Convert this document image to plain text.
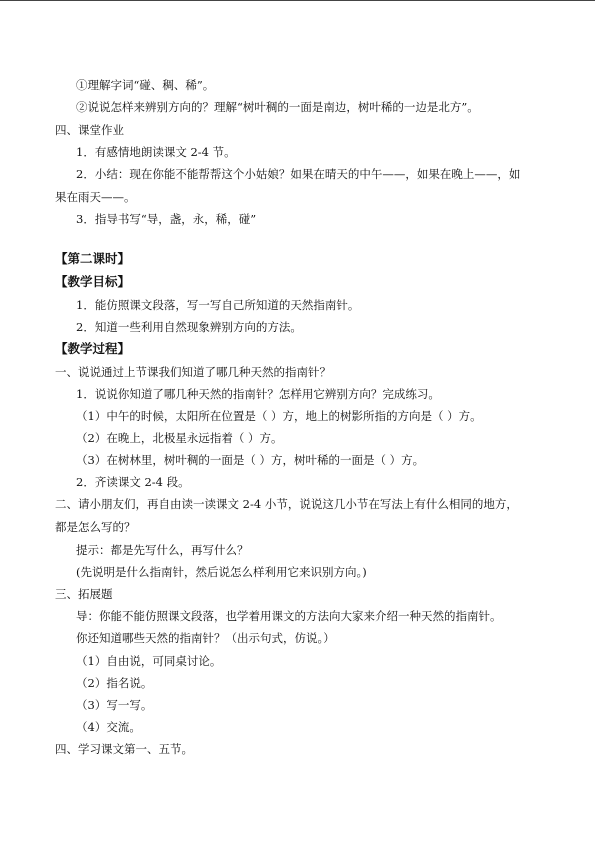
①理解字词“碰、稠、稀”。
②说说怎样来辨别方向的？理解“树叶稠的一面是南边，树叶稀的一边是北方”。
四、课堂作业
1．有感情地朗读课文 2-4 节。
2．小结：现在你能不能帮帮这个小姑娘？如果在晴天的中午——，如果在晚上——，如
果在雨天——。
3．指导书写“导，盏，永，稀，碰”
【第二课时】
【教学目标】
1．能仿照课文段落，写一写自己所知道的天然指南针。
2．知道一些利用自然现象辨别方向的方法。
【教学过程】
一、说说通过上节课我们知道了哪几种天然的指南针？
1．说说你知道了哪几种天然的指南针？怎样用它辨别方向？完成练习。
（1）中午的时候，太阳所在位置是（ ）方，地上的树影所指的方向是（ ）方。
（2）在晚上，北极星永远指着（ ）方。
（3）在树林里，树叶稠的一面是（ ）方，树叶稀的一面是（ ）方。
2．齐读课文 2-4 段。
二、请小朋友们，再自由读一读课文 2-4 小节，说说这几小节在写法上有什么相同的地方，
都是怎么写的？
提示：都是先写什么，再写什么？
(先说明是什么指南针，然后说怎么样利用它来识别方向。)
三、拓展题
导：你能不能仿照课文段落，也学着用课文的方法向大家来介绍一种天然的指南针。
你还知道哪些天然的指南针？（出示句式，仿说。）
（1）自由说，可同桌讨论。
（2）指名说。
（3）写一写。
（4）交流。
四、学习课文第一、五节。
